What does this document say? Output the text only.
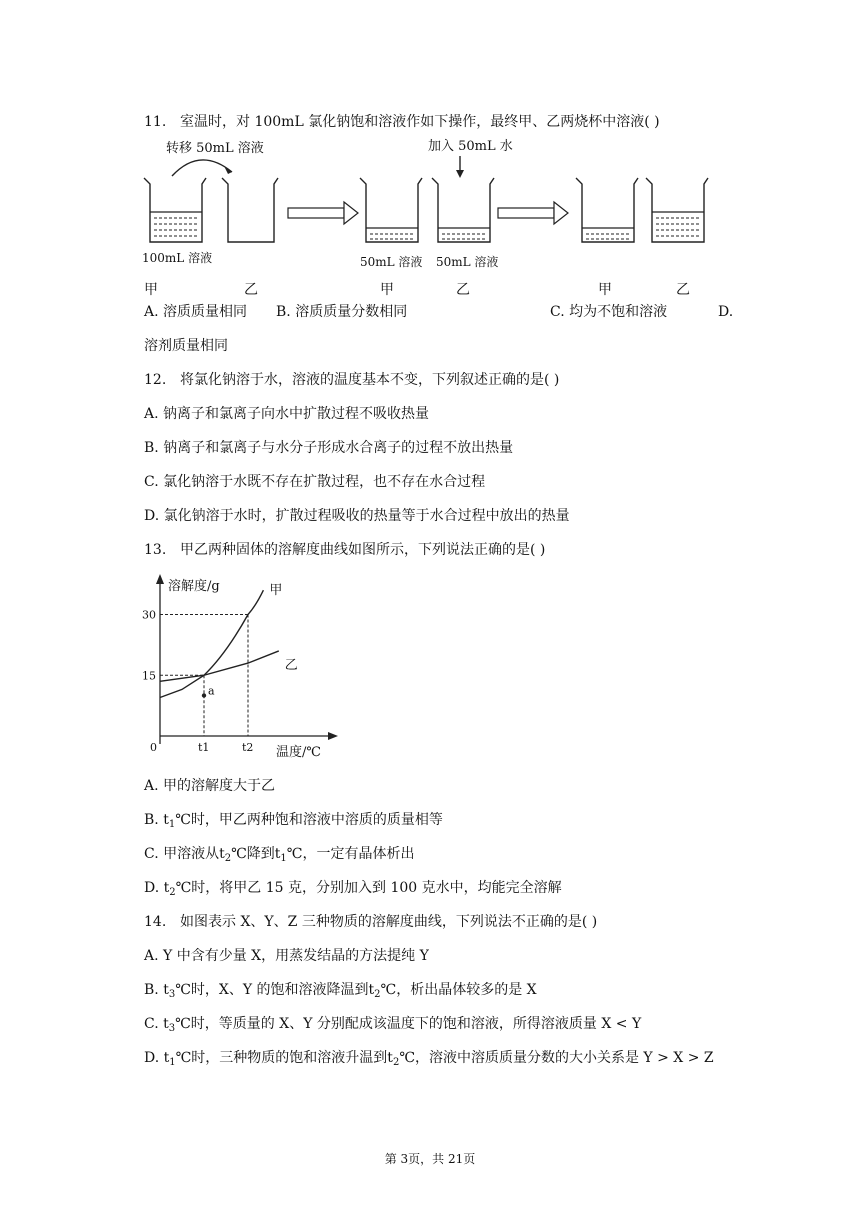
11. 室温时，对 100mL 氯化钠饱和溶液作如下操作，最终甲、乙两烧杯中溶液( )
转移 50mL 溶液
100mL 溶液	50mL 溶液
加入 50mL 水
50mL 溶液
甲	乙	甲	乙	甲	乙
A. 溶质质量相同 B. 溶质质量分数相同	C. 均为不饱和溶液	D.
溶剂质量相同
12. 将氯化钠溶于水，溶液的温度基本不变，下列叙述正确的是( )
A. 钠离子和氯离子向水中扩散过程不吸收热量
B. 钠离子和氯离子与水分子形成水合离子的过程不放出热量
C. 氯化钠溶于水既不存在扩散过程，也不存在水合过程
D. 氯化钠溶于水时，扩散过程吸收的热量等于水合过程中放出的热量
13. 甲乙两种固体的溶解度曲线如图所示，下列说法正确的是( )
甲
乙
a
30
15
t1	t2
0
溶解度/g
温度/℃
A. 甲的溶解度大于乙
B. $t_1℃$时，甲乙两种饱和溶液中溶质的质量相等
C. 甲溶液从$t_2℃$降到$t_1℃$，一定有晶体析出
D. $t_2℃$时，将甲乙 15 克，分别加入到 100 克水中，均能完全溶解
14. 如图表示 X、Y、Z 三种物质的溶解度曲线，下列说法不正确的是( )
A. Y 中含有少量 X，用蒸发结晶的方法提纯 Y
B. $t_3℃$时，X、Y 的饱和溶液降温到$t_2℃$，析出晶体较多的是 X
C. $t_3℃$时，等质量的 X、Y 分别配成该温度下的饱和溶液，所得溶液质量 X < Y
D. $t_1℃$时，三种物质的饱和溶液升温到$t_2℃$，溶液中溶质质量分数的大小关系是 Y > X > Z
第 3页，共 21页
